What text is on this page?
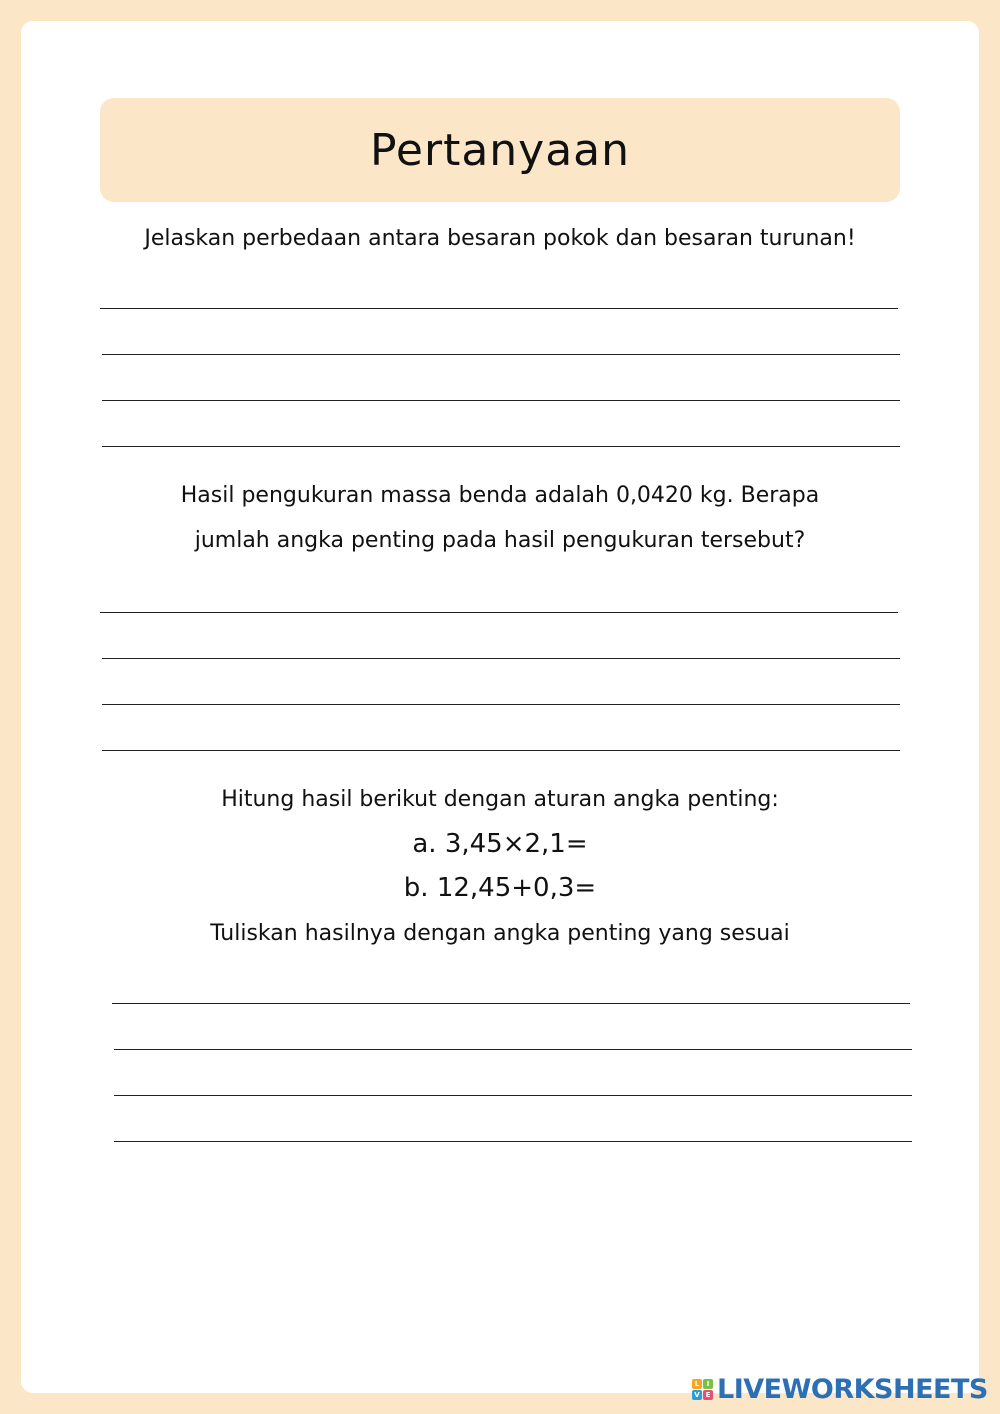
Pertanyaan
Jelaskan perbedaan antara besaran pokok dan besaran turunan!
Hasil pengukuran massa benda adalah 0,0420 kg. Berapa
jumlah angka penting pada hasil pengukuran tersebut?
Hitung hasil berikut dengan aturan angka penting:
a. 3,45×2,1=
b. 12,45+0,3=
Tuliskan hasilnya dengan angka penting yang sesuai
L	I
V E LIVEWORKSHEETS
